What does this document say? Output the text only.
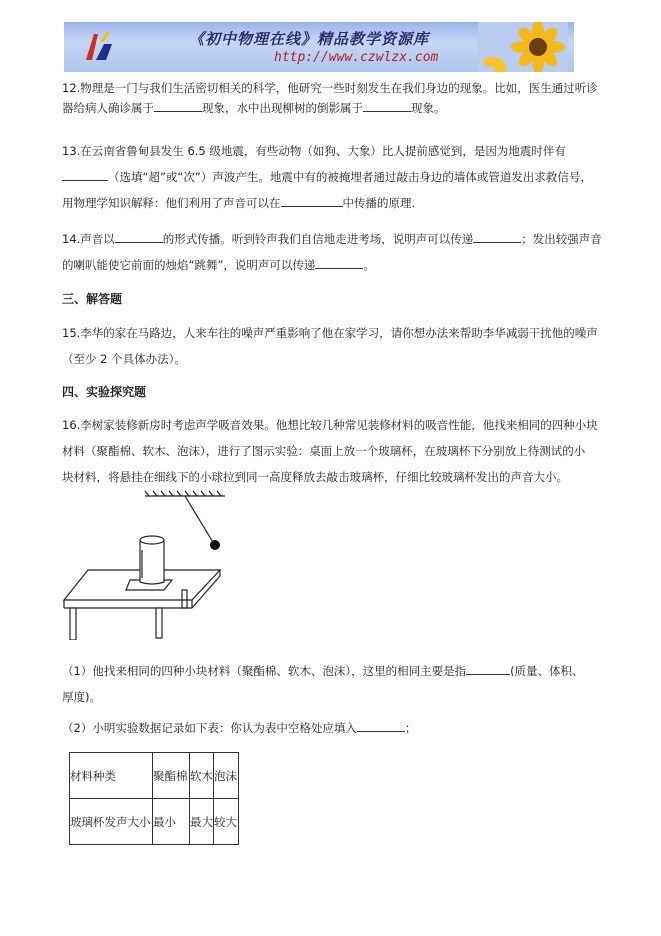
《初中物理在线》精品教学资源库
http://www.czwlzx.com
12.物理是一门与我们生活密切相关的科学，他研究一些时刻发生在我们身边的现象。比如，医生通过听诊
器给病人确诊属于	现象，水中出现柳树的倒影属于	现象。
13.在云南省鲁甸县发生 6.5 级地震，有些动物（如狗、大象）比人提前感觉到，是因为地震时伴有
（选填“超”或“次”）声波产生。地震中有的被掩埋者通过敲击身边的墙体或管道发出求救信号，
用物理学知识解释：他们利用了声音可以在	中传播的原理.
14.声音以	的形式传播。听到铃声我们自信地走进考场，说明声可以传递	；发出较强声音
的喇叭能使它前面的烛焰“跳舞”，说明声可以传递	。
三、解答题
15.李华的家在马路边，人来车往的噪声严重影响了他在家学习，请你想办法来帮助李华减弱干扰他的噪声
（至少 2 个具体办法）。
四、实验探究题
16.李树家装修新房时考虑声学吸音效果。他想比较几种常见装修材料的吸音性能，他找来相同的四种小块
材料（聚酯棉、软木、泡沫），进行了图示实验：桌面上放一个玻璃杯，在玻璃杯下分别放上待测试的小
块材料，将悬挂在细线下的小球拉到同一高度释放去敲击玻璃杯，仔细比较玻璃杯发出的声音大小。
（1）他找来相同的四种小块材料（聚酯棉、软木、泡沫），这里的相同主要是指	(质量、体积、
厚度)。
（2）小明实验数据记录如下表：你认为表中空格处应填入	；
材料种类	聚酯棉	软木	泡沫
玻璃杯发声大小	最小	最大	较大
